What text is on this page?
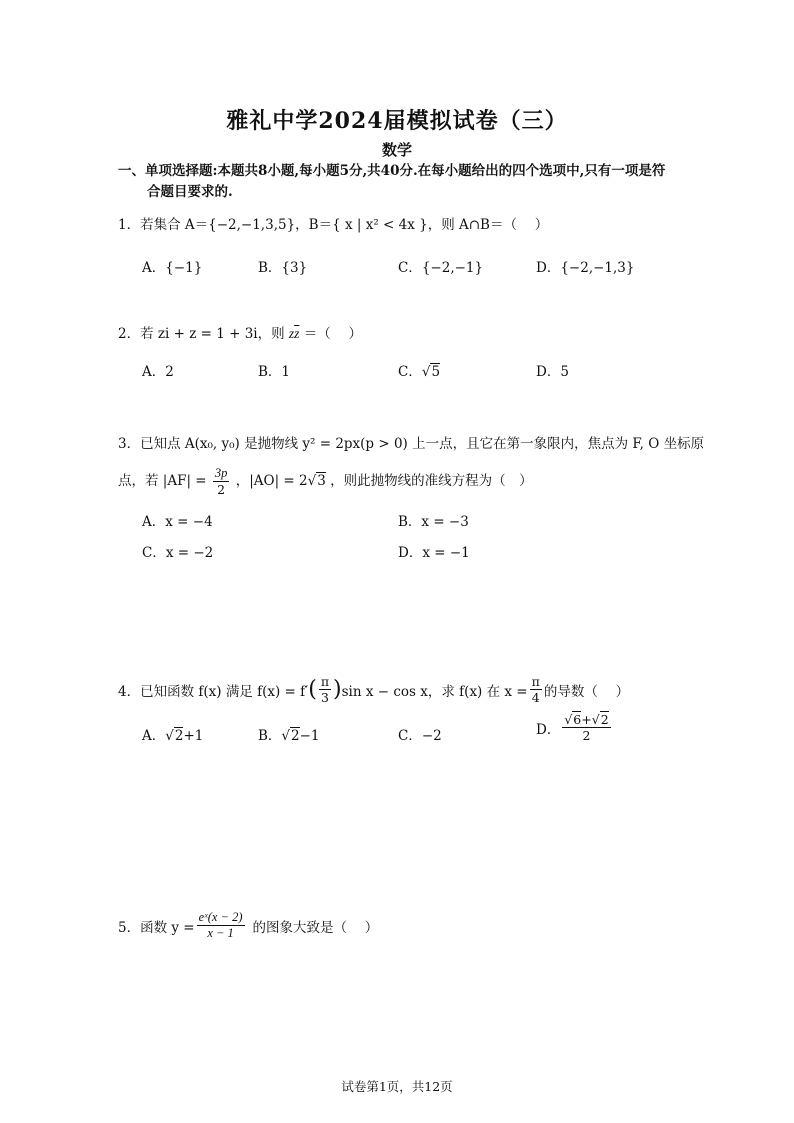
雅礼中学2024届模拟试卷（三）
数学
一、单项选择题:本题共8小题,每小题5分,共40分.在每小题给出的四个选项中,只有一项是符
合题目要求的.
1．若集合 A＝{−2,−1,3,5}，B＝{ x | x² < 4x }，则 A∩B＝（　 ）
A．{−1}	B．{3}	C．{−2,−1}	D．{−2,−1,3}
2．若 zi + z = 1 + 3i，则 $z\overline{z}$ ＝（　 ）
A．2	B．1	C．√5	D．5
3．已知点 A(x₀, y₀) 是抛物线 y² = 2px(p > 0) 上一点，且它在第一象限内，焦点为 F, O 坐标原
点，若 $|AF| = \frac{3p}{2}$ ，|AO| = 2√3 ，则此抛物线的准线方程为（　）
A．x = −4	B．x = −3
C．x = −2	D．x = −1
4．已知函数 f(x) 满足 f(x) = f′ ( $\frac{\pi}{3}$ ) sin x − cos x，求 f(x) 在 $x = \frac{\pi}{4}$ 的导数（　 ）
A．√2+1	B．√2−1	C．−2	D． $\frac{√6+√2}{2}$
5．函数 $y = \frac{\text{eˣ(x − 2)}}{x - 1}$ 的图象大致是（　 ）
试卷第1页，共12页
